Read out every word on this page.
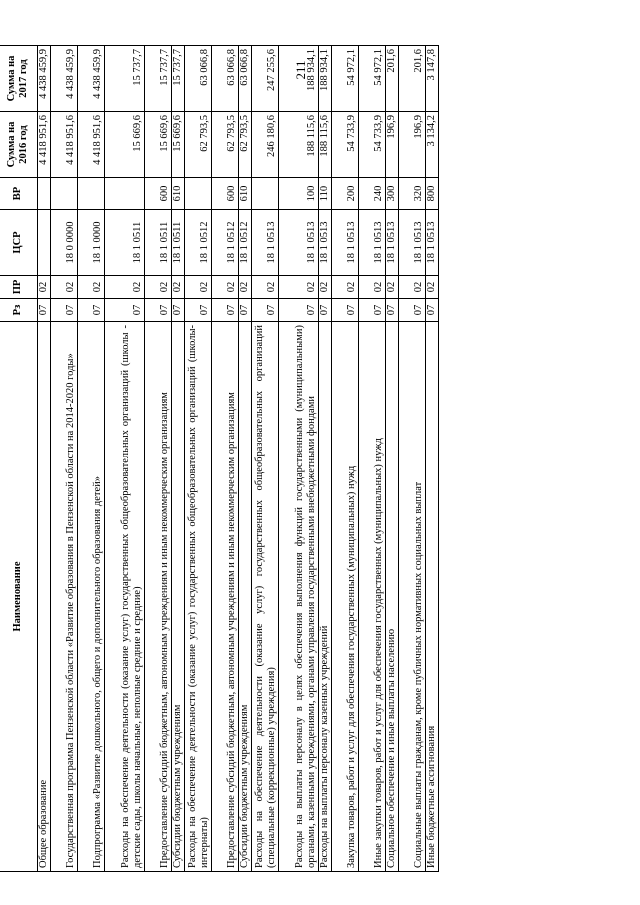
211
Наименование	Рз	ПР	ЦСР	ВР	Сумма на 2016 год	Сумма на 2017 год
Общее образование	07	02			4 418 951,6	4 438 459,9
Государственная программа Пензенской области «Развитие образования в Пензенской области на 2014-2020 годы»	07	02	18 0 0000		4 418 951,6	4 438 459,9
Подпрограмма «Развитие дошкольного, общего и дополнительного образования детей»	07	02	18 1 0000		4 418 951,6	4 438 459,9
Расходы на обеспечение деятельности (оказание услуг) государственных общеобразовательных организаций (школы - детские сады, школы начальные, неполные средние и средние)	07	02	18 1 0511		15 669,6	15 737,7
Предоставление субсидий бюджетным, автономным учреждениям и иным некоммерческим организациям	07	02	18 1 0511	600	15 669,6	15 737,7
Субсидии бюджетным учреждениям	07	02	18 1 0511	610	15 669,6	15 737,7
Расходы на обеспечение деятельности (оказание услуг) государственных общеобразовательных организаций (школы-интернаты)	07	02	18 1 0512		62 793,5	63 066,8
Предоставление субсидий бюджетным, автономным учреждениям и иным некоммерческим организациям	07	02	18 1 0512	600	62 793,5	63 066,8
Субсидии бюджетным учреждениям	07	02	18 1 0512	610	62 793,5	63 066,8
Расходы на обеспечение деятельности (оказание услуг) государственных общеобразовательных организаций (специальные (коррекционные) учреждения)	07	02	18 1 0513		246 180,6	247 255,6
Расходы на выплаты персоналу в целях обеспечения выполнения функций государственными (муниципальными) органами, казенными учреждениями, органами управления государственными внебюджетными фондами	07	02	18 1 0513	100	188 115,6	188 934,1
Расходы на выплаты персоналу казенных учреждений	07	02	18 1 0513	110	188 115,6	188 934,1
Закупка товаров, работ и услуг для обеспечения государственных (муниципальных) нужд	07	02	18 1 0513	200	54 733,9	54 972,1
Иные закупки товаров, работ и услуг для обеспечения государственных (муниципальных) нужд	07	02	18 1 0513	240	54 733,9	54 972,1
Социальное обеспечение и иные выплаты населению	07	02	18 1 0513	300	196,9	201,6
Социальные выплаты гражданам, кроме публичных нормативных социальных выплат	07	02	18 1 0513	320	196,9	201,6
Иные бюджетные ассигнования	07	02	18 1 0513	800	3 134,2	3 147,8
